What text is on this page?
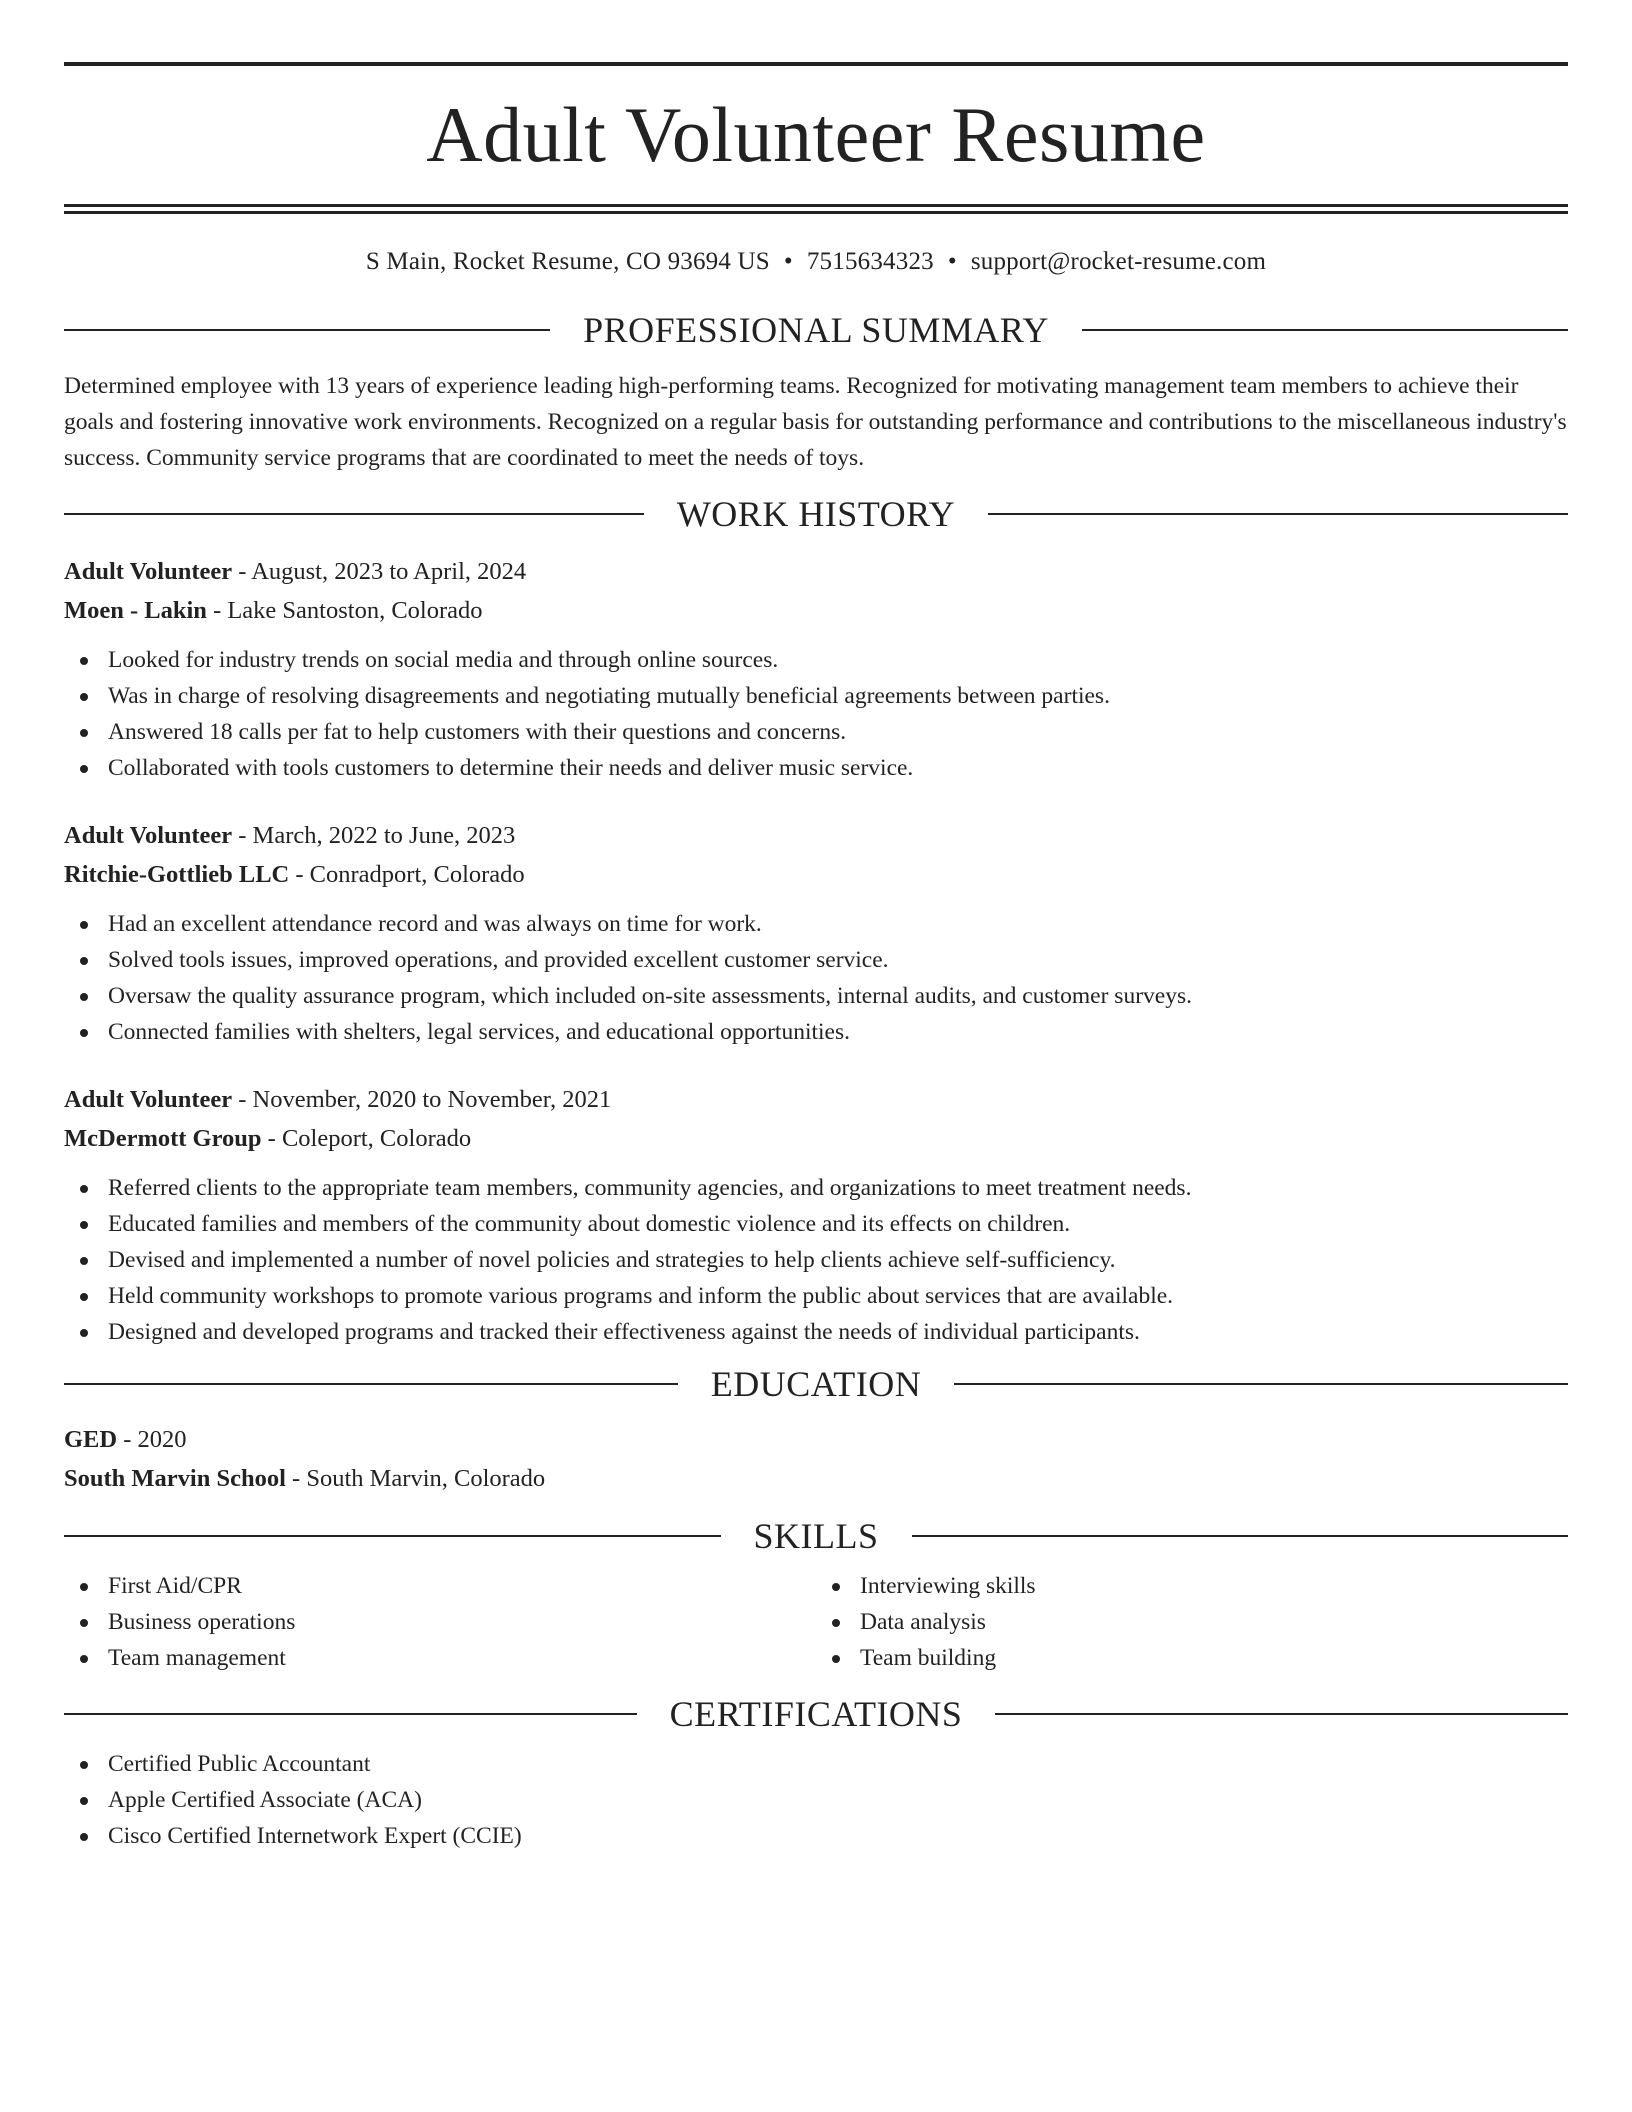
Adult Volunteer Resume
S Main, Rocket Resume, CO 93694 US • 7515634323 • support@rocket-resume.com
PROFESSIONAL SUMMARY

Determined employee with 13 years of experience leading high-performing teams. Recognized for motivating management team members to achieve their goals and fostering innovative work environments. Recognized on a regular basis for outstanding performance and contributions to the miscellaneous industry's success. Community service programs that are coordinated to meet the needs of toys.

WORK HISTORY
Adult Volunteer - August, 2023 to April, 2024
Moen - Lakin - Lake Santoston, Colorado
Looked for industry trends on social media and through online sources.
Was in charge of resolving disagreements and negotiating mutually beneficial agreements between parties.
Answered 18 calls per fat to help customers with their questions and concerns.
Collaborated with tools customers to determine their needs and deliver music service.
Adult Volunteer - March, 2022 to June, 2023
Ritchie-Gottlieb LLC - Conradport, Colorado
Had an excellent attendance record and was always on time for work.
Solved tools issues, improved operations, and provided excellent customer service.
Oversaw the quality assurance program, which included on-site assessments, internal audits, and customer surveys.
Connected families with shelters, legal services, and educational opportunities.
Adult Volunteer - November, 2020 to November, 2021
McDermott Group - Coleport, Colorado
Referred clients to the appropriate team members, community agencies, and organizations to meet treatment needs.
Educated families and members of the community about domestic violence and its effects on children.
Devised and implemented a number of novel policies and strategies to help clients achieve self-sufficiency.
Held community workshops to promote various programs and inform the public about services that are available.
Designed and developed programs and tracked their effectiveness against the needs of individual participants.
EDUCATION
GED - 2020
South Marvin School - South Marvin, Colorado
SKILLS
First Aid/CPR
Business operations
Team management
Interviewing skills
Data analysis
Team building
CERTIFICATIONS
Certified Public Accountant
Apple Certified Associate (ACA)
Cisco Certified Internetwork Expert (CCIE)
